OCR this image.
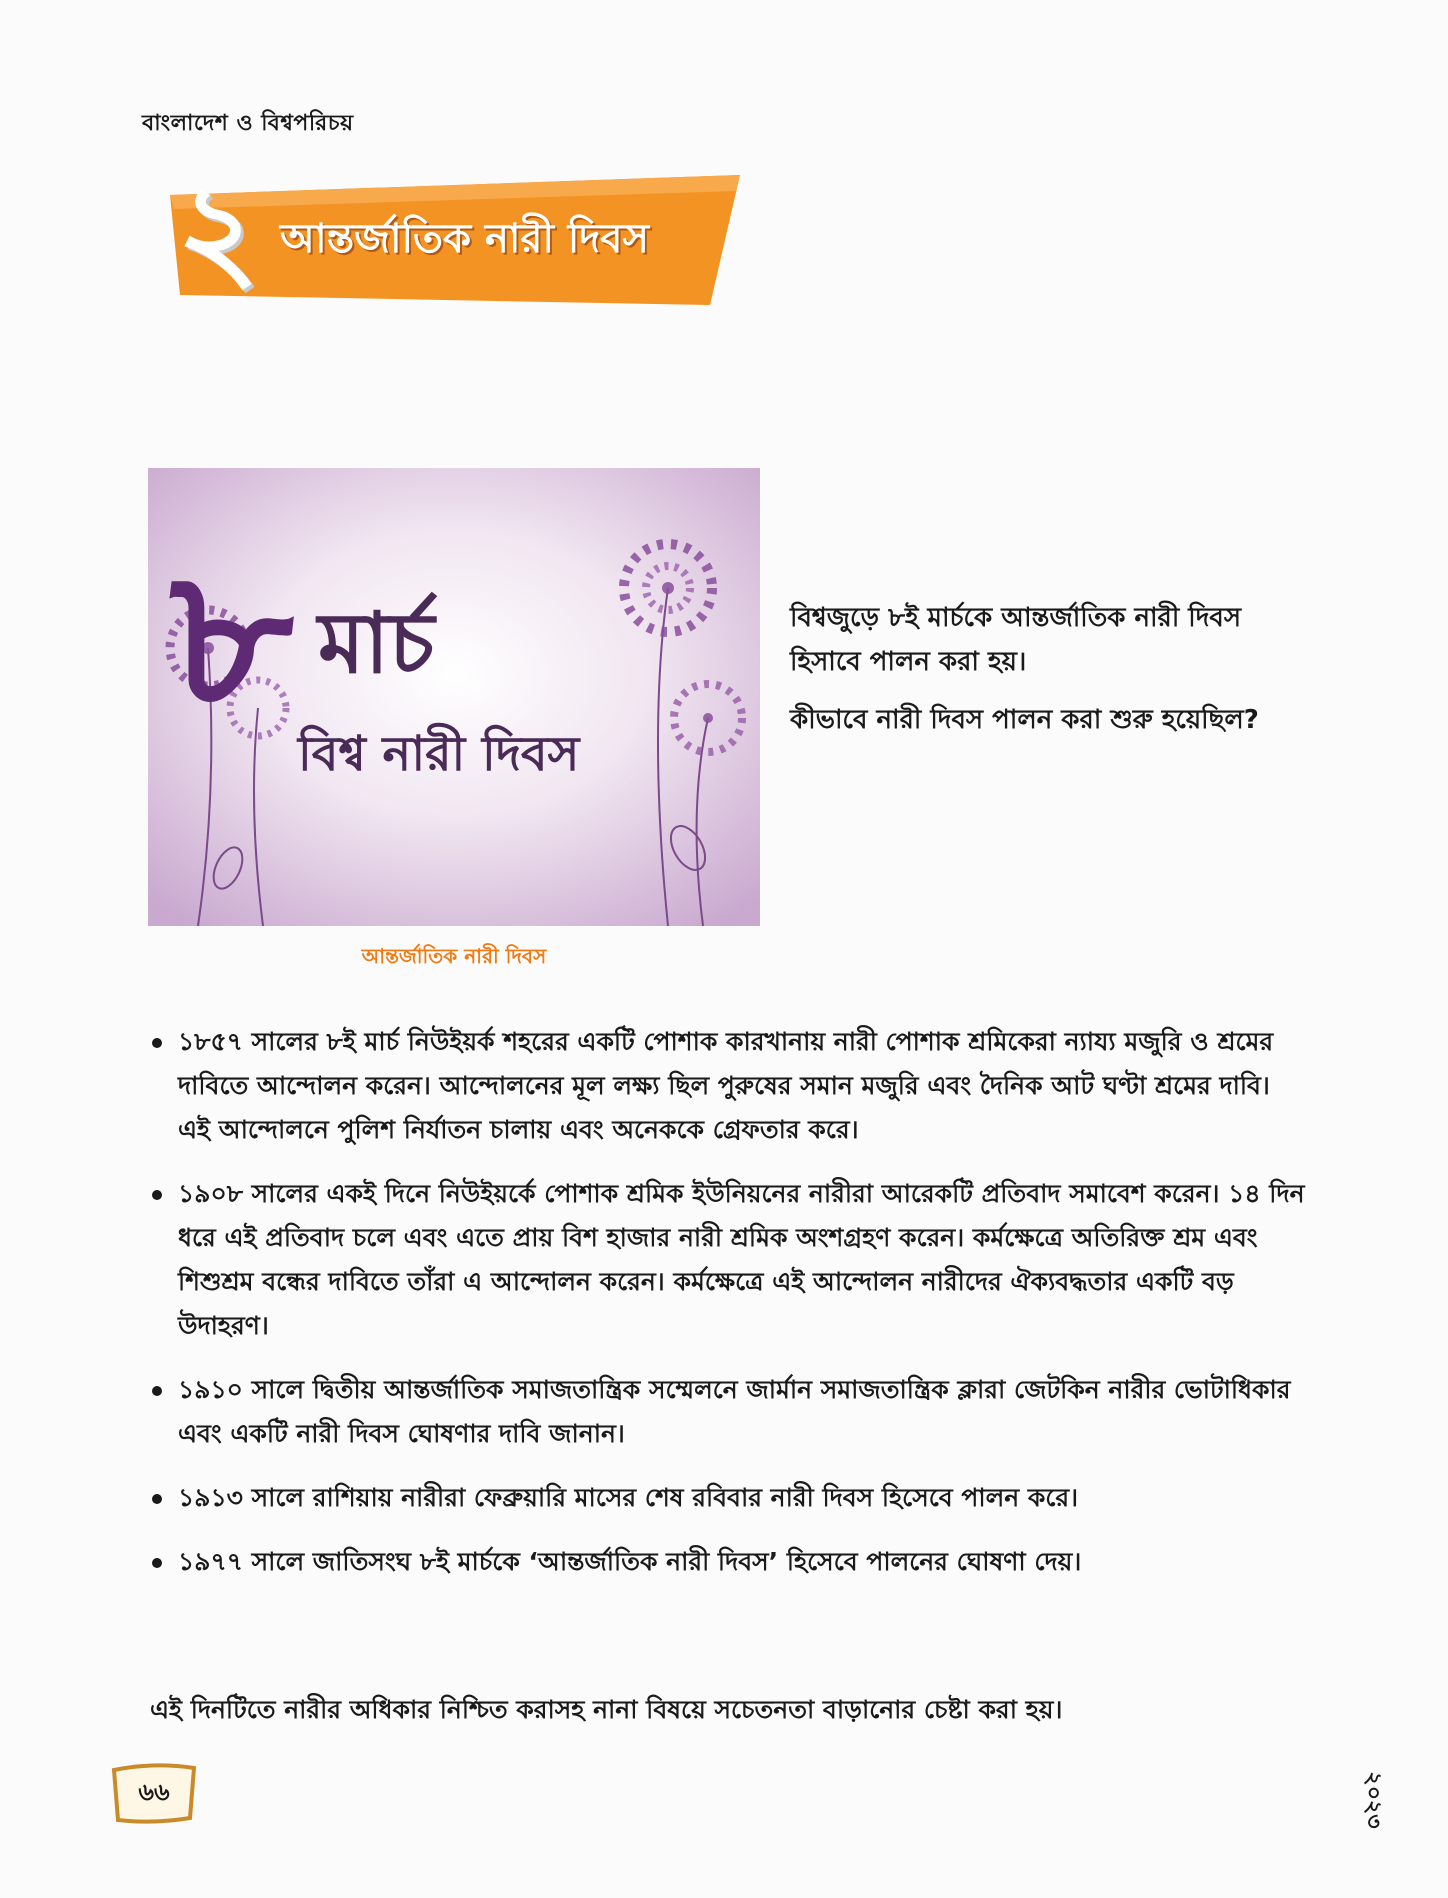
বাংলাদেশ ও বিশ্বপরিচয়
২ আন্তর্জাতিক নারী দিবস
৮ মার্চ
বিশ্ব নারী দিবস
আন্তর্জাতিক নারী দিবস

বিশ্বজুড়ে ৮ই মার্চকে আন্তর্জাতিক নারী দিবস হিসাবে পালন করা হয়।

কীভাবে নারী দিবস পালন করা শুরু হয়েছিল?

১৮৫৭ সালের ৮ই মার্চ নিউইয়র্ক শহরের একটি পোশাক কারখানায় নারী পোশাক শ্রমিকেরা ন্যায্য মজুরি ও শ্রমের দাবিতে আন্দোলন করেন। আন্দোলনের মূল লক্ষ্য ছিল পুরুষের সমান মজুরি এবং দৈনিক আট ঘণ্টা শ্রমের দাবি। এই আন্দোলনে পুলিশ নির্যাতন চালায় এবং অনেককে গ্রেফতার করে।
১৯০৮ সালের একই দিনে নিউইয়র্কে পোশাক শ্রমিক ইউনিয়নের নারীরা আরেকটি প্রতিবাদ সমাবেশ করেন। ১৪ দিন ধরে এই প্রতিবাদ চলে এবং এতে প্রায় বিশ হাজার নারী শ্রমিক অংশগ্রহণ করেন। কর্মক্ষেত্রে অতিরিক্ত শ্রম এবং শিশুশ্রম বন্ধের দাবিতে তাঁরা এ আন্দোলন করেন। কর্মক্ষেত্রে এই আন্দোলন নারীদের ঐক্যবদ্ধতার একটি বড় উদাহরণ।
১৯১০ সালে দ্বিতীয় আন্তর্জাতিক সমাজতান্ত্রিক সম্মেলনে জার্মান সমাজতান্ত্রিক ক্লারা জেটকিন নারীর ভোটাধিকার এবং একটি নারী দিবস ঘোষণার দাবি জানান।
১৯১৩ সালে রাশিয়ায় নারীরা ফেব্রুয়ারি মাসের শেষ রবিবার নারী দিবস হিসেবে পালন করে।
১৯৭৭ সালে জাতিসংঘ ৮ই মার্চকে ‘আন্তর্জাতিক নারী দিবস’ হিসেবে পালনের ঘোষণা দেয়।
এই দিনটিতে নারীর অধিকার নিশ্চিত করাসহ নানা বিষয়ে সচেতনতা বাড়ানোর চেষ্টা করা হয়।
৬৬	২০২৩
